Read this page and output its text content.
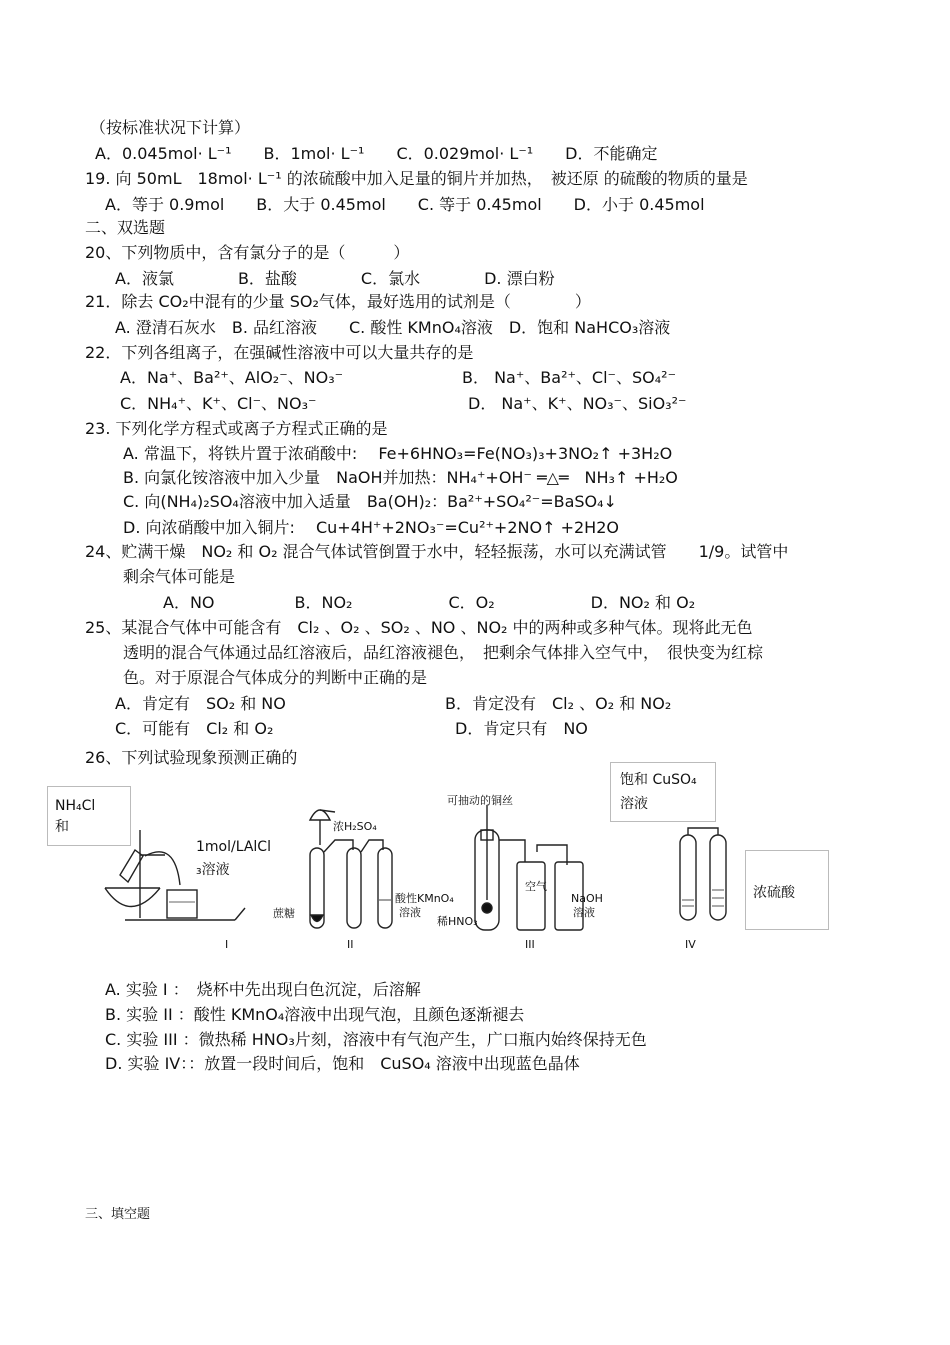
（按标准状况下计算）
A．0.045mol· L⁻¹　　B．1mol· L⁻¹　　C．0.029mol· L⁻¹　　D．不能确定
19. 向 50mL　18mol· L⁻¹ 的浓硫酸中加入足量的铜片并加热，　被还原 的硫酸的物质的量是
A．等于 0.9mol　　B．大于 0.45mol　　C. 等于 0.45mol　　D．小于 0.45mol
二、双选题
20、下列物质中，含有氯分子的是（　　　）
A．液氯　　　　B．盐酸　　　　C．氯水　　　　D. 漂白粉
21．除去 CO₂中混有的少量 SO₂气体，最好选用的试剂是（　　　　）
A. 澄清石灰水　B. 品红溶液　　C. 酸性 KMnO₄溶液　D．饱和 NaHCO₃溶液
22．下列各组离子，在强碱性溶液中可以大量共存的是
A．Na⁺、Ba²⁺、AlO₂⁻、NO₃⁻	B． Na⁺、Ba²⁺、Cl⁻、SO₄²⁻
C．NH₄⁺、K⁺、Cl⁻、NO₃⁻	D． Na⁺、K⁺、NO₃⁻、SiO₃²⁻
23. 下列化学方程式或离子方程式正确的是
A. 常温下，将铁片置于浓硝酸中:　 Fe+6HNO₃=Fe(NO₃)₃+3NO₂↑ +3H₂O
B. 向氯化铵溶液中加入少量　NaOH并加热：NH₄⁺+OH⁻ ═△═　NH₃↑ +H₂O
C. 向(NH₄)₂SO₄溶液中加入适量　Ba(OH)₂：Ba²⁺+SO₄²⁻=BaSO₄↓
D. 向浓硝酸中加入铜片:　 Cu+4H⁺+2NO₃⁻=Cu²⁺+2NO↑ +2H2O
24、贮满干燥　NO₂ 和 O₂ 混合气体试管倒置于水中，轻轻振荡，水可以充满试管　　1/9。试管中
剩余气体可能是
A．NO　　　　　B．NO₂　　　　　　C．O₂　　　　　　D．NO₂ 和 O₂
25、某混合气体中可能含有　Cl₂ 、O₂ 、SO₂ 、NO 、NO₂ 中的两种或多种气体。现将此无色
透明的混合气体通过品红溶液后，品红溶液褪色，　把剩余气体排入空气中，　很快变为红棕
色。对于原混合气体成分的判断中正确的是
A．肯定有　SO₂ 和 NO	B．肯定没有　Cl₂ 、O₂ 和 NO₂
C．可能有　Cl₂ 和 O₂	D．肯定只有　NO
26、下列试验现象预测正确的
NH₄Cl
和
饱和 CuSO₄
溶液
浓硫酸
1mol/LAlCl
₃溶液
浓H₂SO₄
蔗糖
酸性KMnO₄
溶液
可抽动的铜丝
空气
稀HNO₃
NaOH
溶液
I	II	III	IV
A. 实验 I ：　烧杯中先出现白色沉淀，后溶解
B. 实验 II ：酸性 KMnO₄溶液中出现气泡，且颜色逐渐褪去
C. 实验 III ：微热稀 HNO₃片刻，溶液中有气泡产生，广口瓶内始终保持无色
D. 实验 IV：：放置一段时间后，饱和　CuSO₄ 溶液中出现蓝色晶体
三、填空题
